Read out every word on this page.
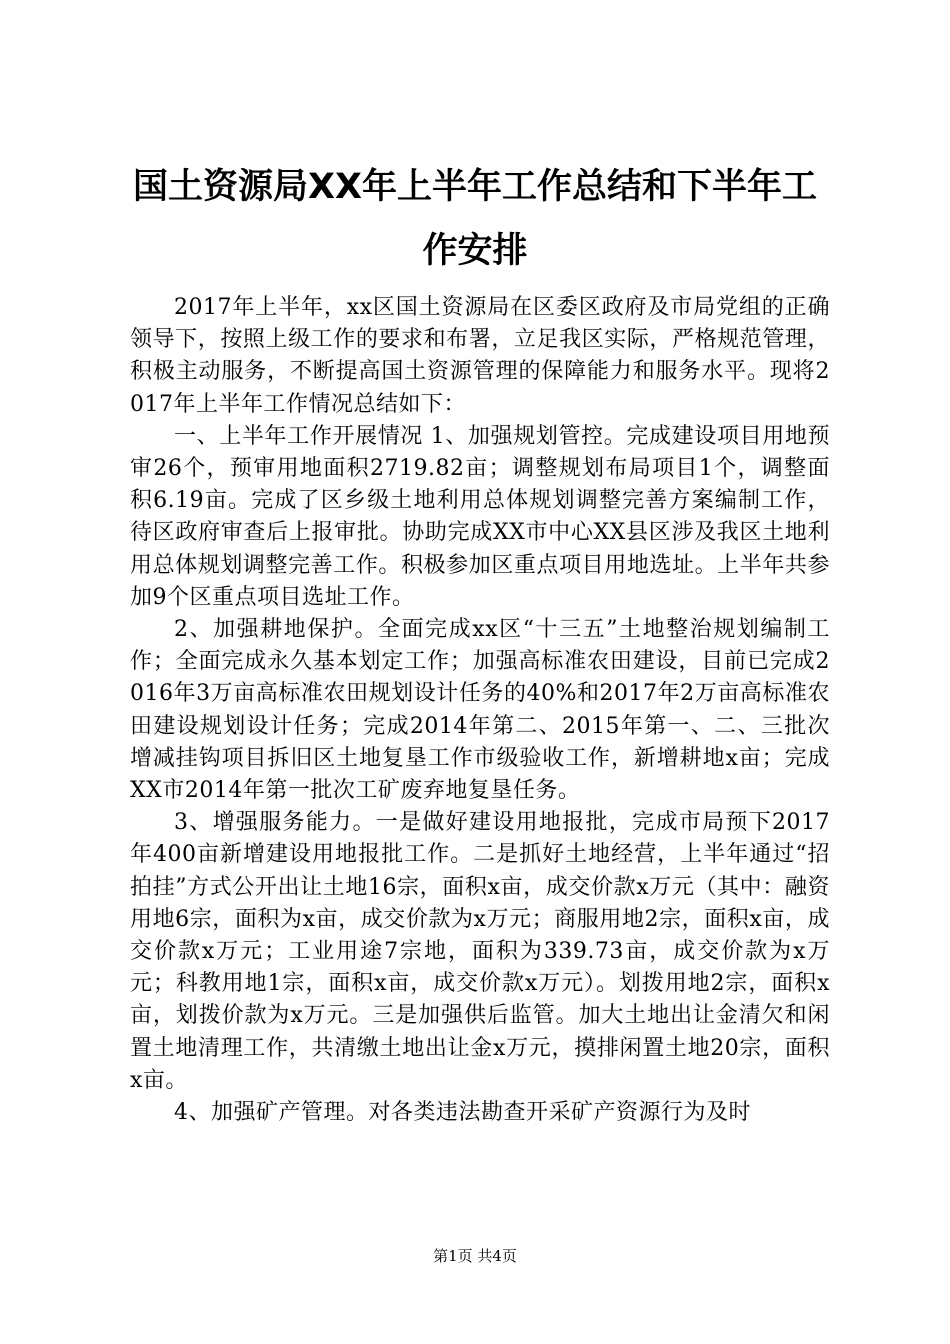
国土资源局XX年上半年工作总结和下半年工作安排

2017年上半年，xx区国土资源局在区委区政府及市局党组的正确领导下，按照上级工作的要求和布署，立足我区实际，严格规范管理，积极主动服务，不断提高国土资源管理的保障能力和服务水平。现将2017年上半年工作情况总结如下：

一、上半年工作开展情况 1、加强规划管控。完成建设项目用地预审26个，预审用地面积2719.82亩；调整规划布局项目1个，调整面积6.19亩。完成了区乡级土地利用总体规划调整完善方案编制工作，待区政府审查后上报审批。协助完成XX市中心XX县区涉及我区土地利用总体规划调整完善工作。积极参加区重点项目用地选址。上半年共参加9个区重点项目选址工作。

2、加强耕地保护。全面完成xx区“十三五”土地整治规划编制工作；全面完成永久基本划定工作；加强高标准农田建设，目前已完成2016年3万亩高标准农田规划设计任务的40%和2017年2万亩高标准农田建设规划设计任务；完成2014年第二、2015年第一、二、三批次增减挂钩项目拆旧区土地复垦工作市级验收工作，新增耕地x亩；完成XX市2014年第一批次工矿废弃地复垦任务。

3、增强服务能力。一是做好建设用地报批，完成市局预下2017年400亩新增建设用地报批工作。二是抓好土地经营，上半年通过“招拍挂”方式公开出让土地16宗，面积x亩，成交价款x万元（其中：融资用地6宗，面积为x亩，成交价款为x万元；商服用地2宗，面积x亩，成交价款x万元；工业用途7宗地，面积为339.73亩，成交价款为x万元；科教用地1宗，面积x亩，成交价款x万元）。划拨用地2宗，面积x亩，划拨价款为x万元。三是加强供后监管。加大土地出让金清欠和闲置土地清理工作，共清缴土地出让金x万元，摸排闲置土地20宗，面积x亩。

4、加强矿产管理。对各类违法勘查开采矿产资源行为及时

第1页 共4页
